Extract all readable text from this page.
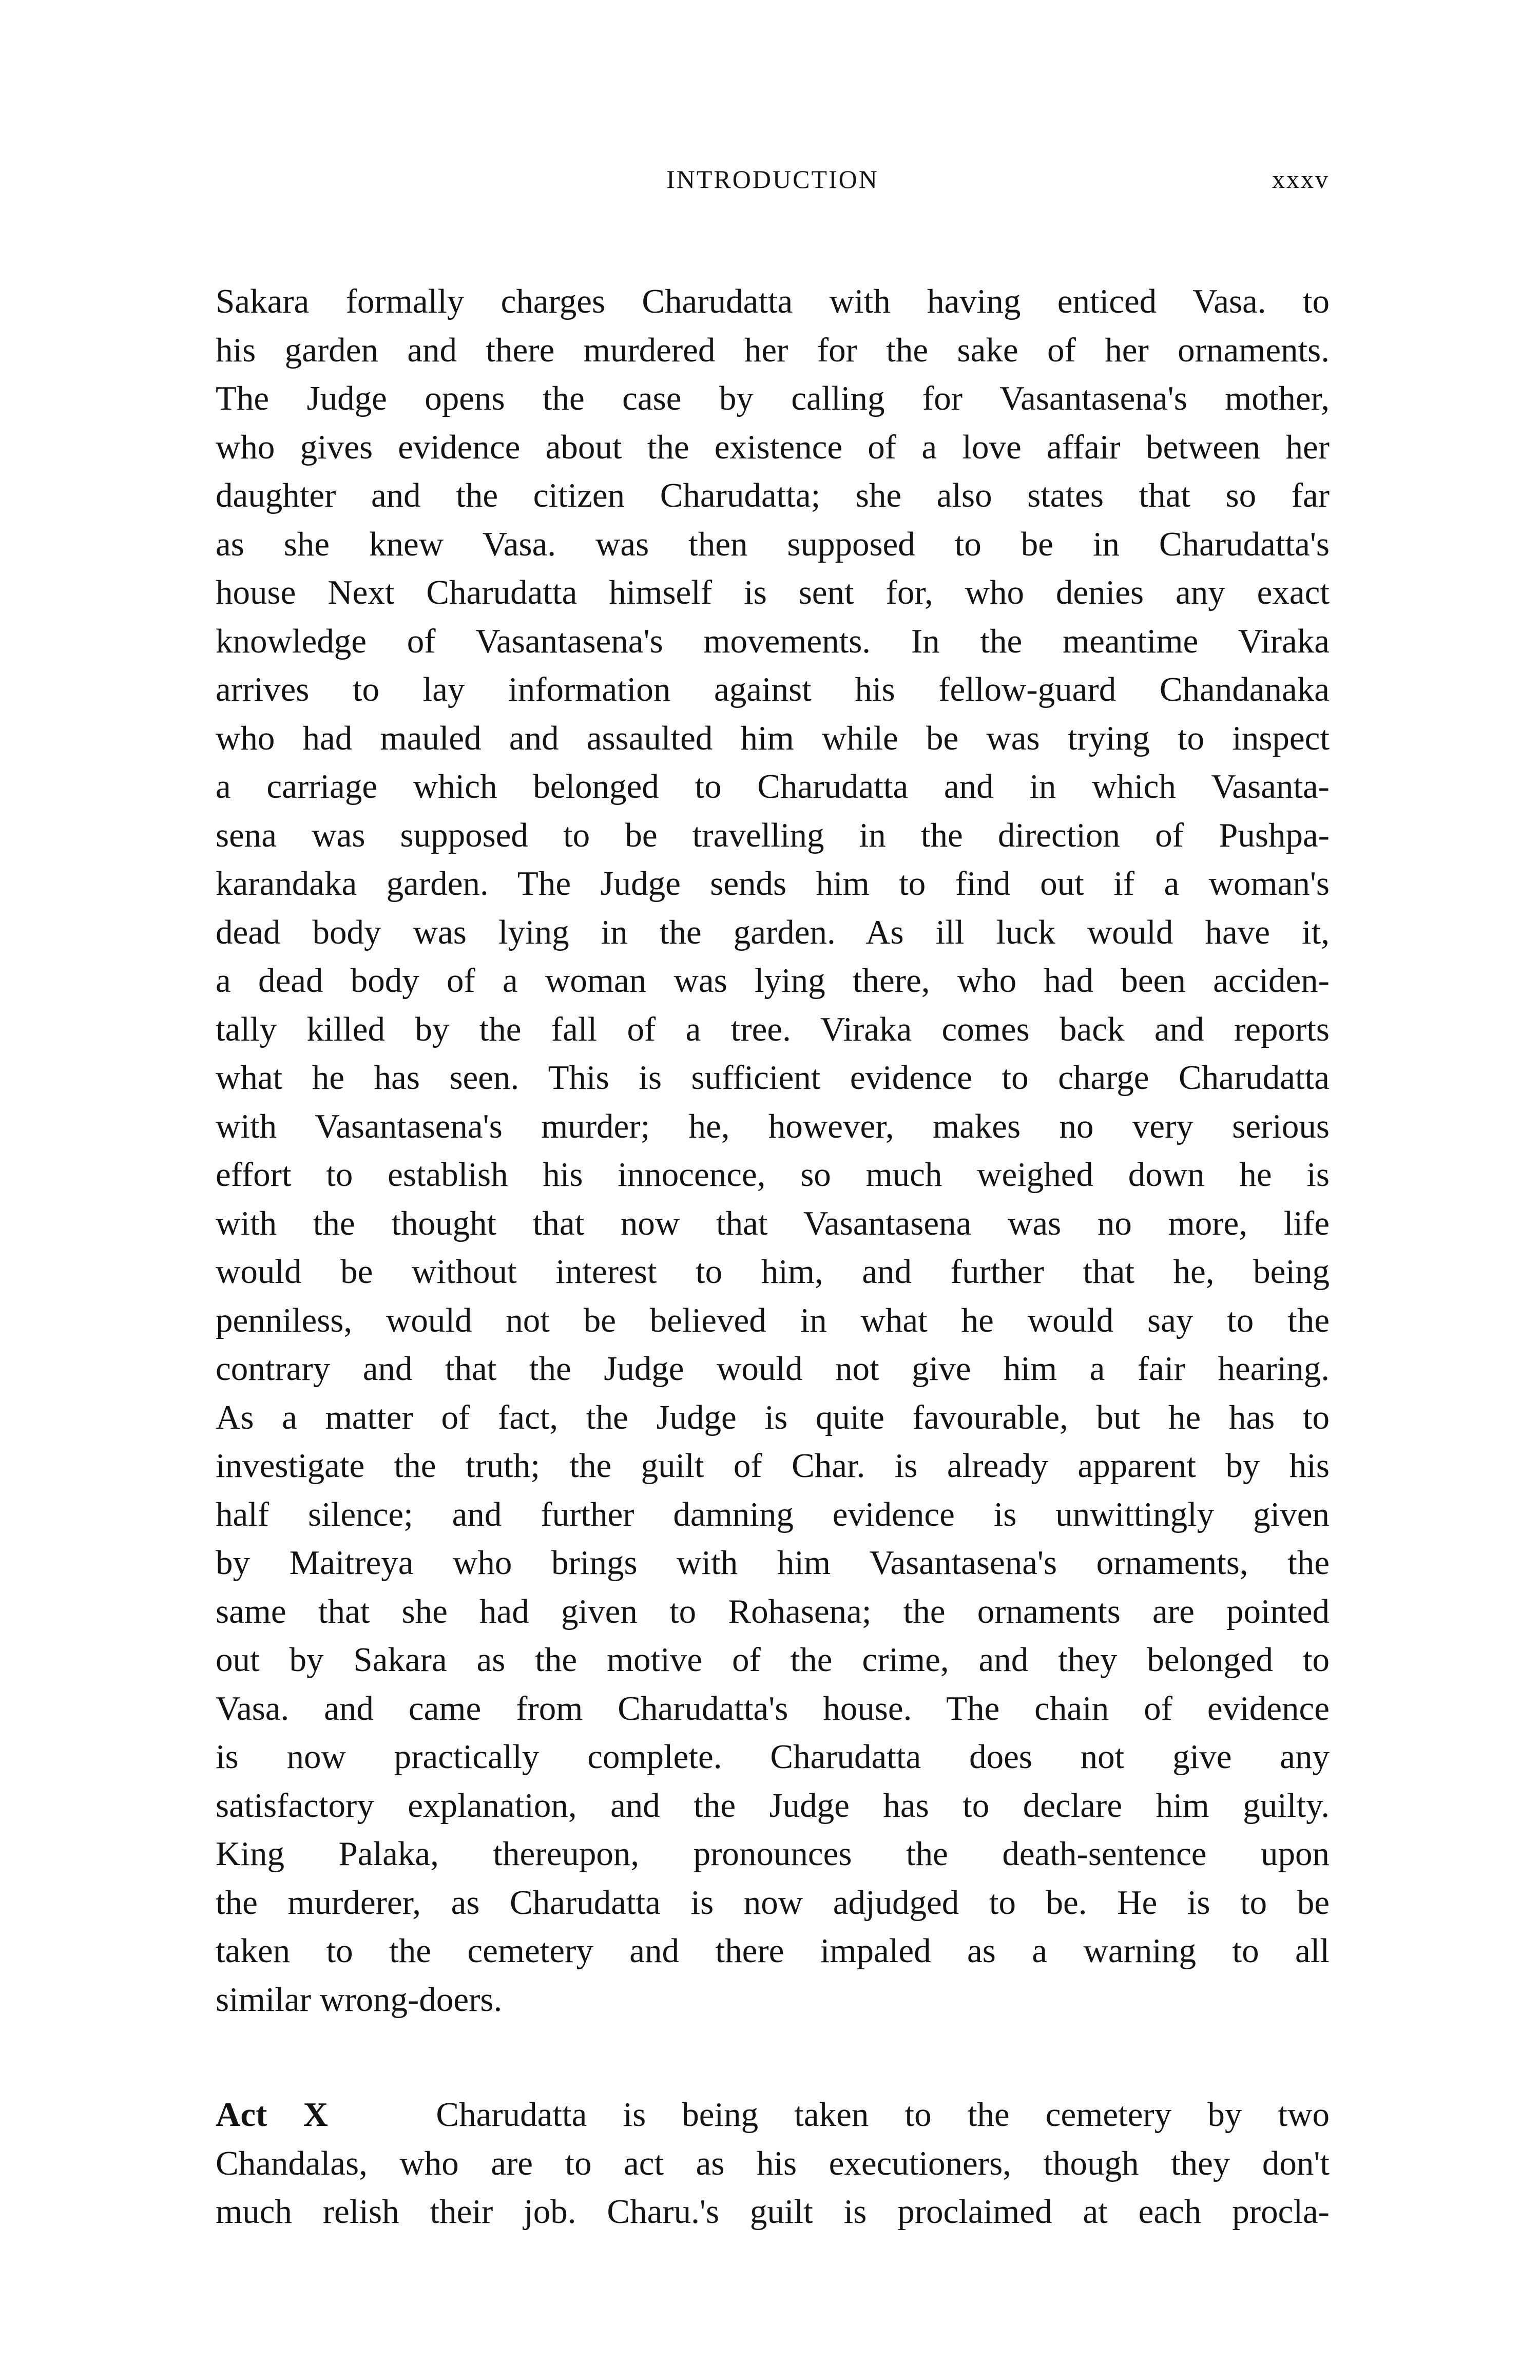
INTRODUCTION	xxxv
Sakara formally charges Charudatta with having enticed Vasa. to
his garden and there murdered her for the sake of her ornaments.
The Judge opens the case by calling for Vasantasena's mother,
who gives evidence about the existence of a love affair between her
daughter and the citizen Charudatta; she also states that so far
as she knew Vasa. was then supposed to be in Charudatta's
house Next Charudatta himself is sent for, who denies any exact
knowledge of Vasantasena's movements. In the meantime Viraka
arrives to lay information against his fellow-guard Chandanaka
who had mauled and assaulted him while be was trying to inspect
a carriage which belonged to Charudatta and in which Vasanta-
sena was supposed to be travelling in the direction of Pushpa-
karandaka garden. The Judge sends him to find out if a woman's
dead body was lying in the garden. As ill luck would have it,
a dead body of a woman was lying there, who had been acciden-
tally killed by the fall of a tree. Viraka comes back and reports
what he has seen. This is sufficient evidence to charge Charudatta
with Vasantasena's murder; he, however, makes no very serious
effort to establish his innocence, so much weighed down he is
with the thought that now that Vasantasena was no more, life
would be without interest to him, and further that he, being
penniless, would not be believed in what he would say to the
contrary and that the Judge would not give him a fair hearing.
As a matter of fact, the Judge is quite favourable, but he has to
investigate the truth; the guilt of Char. is already apparent by his
half silence; and further damning evidence is unwittingly given
by Maitreya who brings with him Vasantasena's ornaments, the
same that she had given to Rohasena; the ornaments are pointed
out by Sakara as the motive of the crime, and they belonged to
Vasa. and came from Charudatta's house. The chain of evidence
is now practically complete. Charudatta does not give any
satisfactory explanation, and the Judge has to declare him guilty.
King Palaka, thereupon, pronounces the death-sentence upon
the murderer, as Charudatta is now adjudged to be. He is to be
taken to the cemetery and there impaled as a warning to all
similar wrong-doers.
Act X	Charudatta is being taken to the cemetery by two
Chandalas, who are to act as his executioners, though they don't
much relish their job. Charu.'s guilt is proclaimed at each procla-
